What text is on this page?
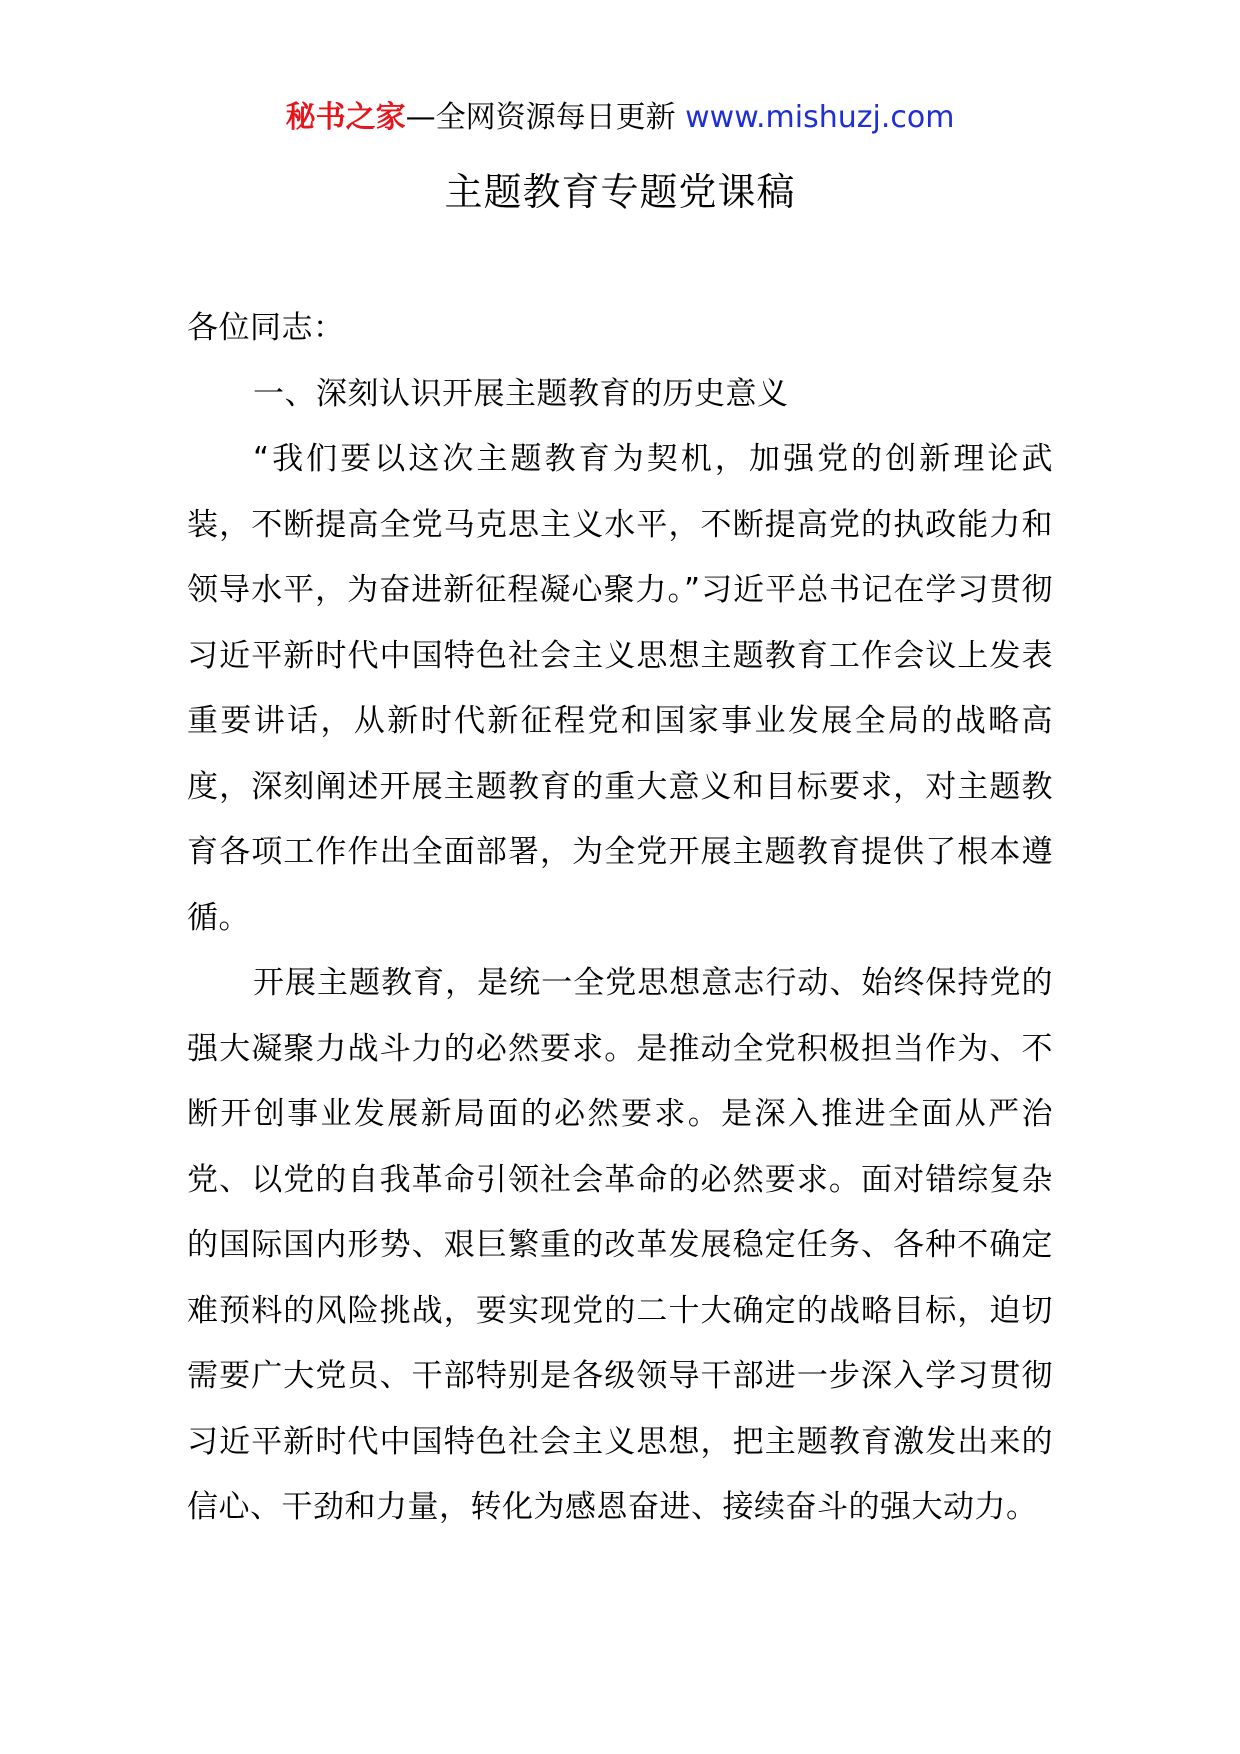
秘书之家—全网资源每日更新 www.mishuzj.com
主题教育专题党课稿

各位同志：

一、深刻认识开展主题教育的历史意义

“我们要以这次主题教育为契机，加强党的创新理论武装，不断提高全党马克思主义水平，不断提高党的执政能力和领导水平，为奋进新征程凝心聚力。”习近平总书记在学习贯彻习近平新时代中国特色社会主义思想主题教育工作会议上发表重要讲话，从新时代新征程党和国家事业发展全局的战略高度，深刻阐述开展主题教育的重大意义和目标要求，对主题教育各项工作作出全面部署，为全党开展主题教育提供了根本遵循。

开展主题教育，是统一全党思想意志行动、始终保持党的强大凝聚力战斗力的必然要求。是推动全党积极担当作为、不断开创事业发展新局面的必然要求。是深入推进全面从严治党、以党的自我革命引领社会革命的必然要求。面对错综复杂的国际国内形势、艰巨繁重的改革发展稳定任务、各种不确定难预料的风险挑战，要实现党的二十大确定的战略目标，迫切需要广大党员、干部特别是各级领导干部进一步深入学习贯彻习近平新时代中国特色社会主义思想，把主题教育激发出来的信心、干劲和力量，转化为感恩奋进、接续奋斗的强大动力。
